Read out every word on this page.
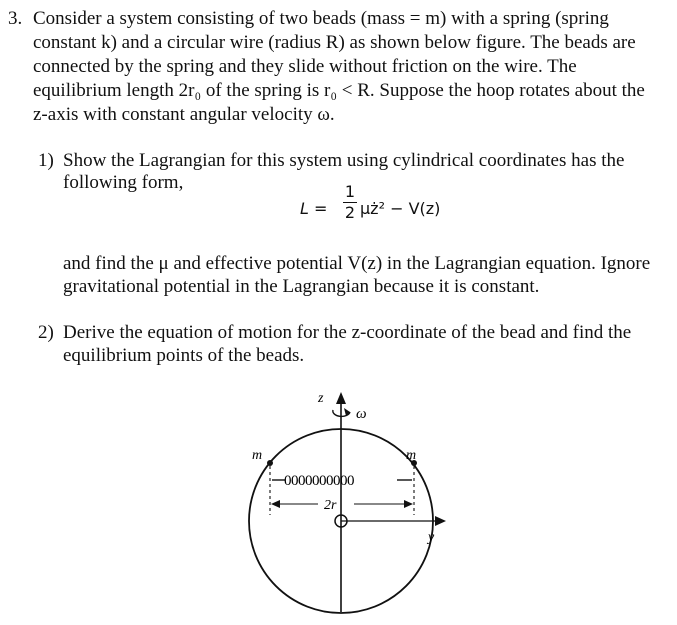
3. Consider a system consisting of two beads (mass = m) with a spring (spring
constant k) and a circular wire (radius R) as shown below figure. The beads are
connected by the spring and they slide without friction on the wire. The
equilibrium length 2r₀ of the spring is r₀ < R. Suppose the hoop rotates about the
z-axis with constant angular velocity ω.
1) Show the Lagrangian for this system using cylindrical coordinates has the
following form,
L =
1
2 μż² − V(z)
and find the μ and effective potential V(z) in the Lagrangian equation. Ignore
gravitational potential in the Lagrangian because it is constant.
2) Derive the equation of motion for the z-coordinate of the bead and find the
equilibrium points of the beads.
z
ω
y
m	m
0000000000
2r
